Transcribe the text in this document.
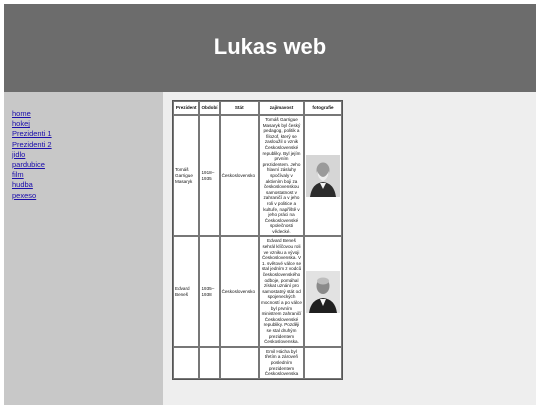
Lukas web
home
hokej
Prezidenti 1
Prezidenti 2
jidlo
pardubice
film
hudba
pexeso
Prezident	Období	Stát	zajímavost	fotografie
Tomáš Garrigue Masaryk	1918–1935	Československo	Tomáš Garrigue Masaryk byl český pedagog, politik a filozof, který se zasloužil o vznik Československé republiky. Byl jejím prvním prezidentem. Jeho hlavní zásluhy spočívaly v aktivním boji za československou samostatnost v zahraničí a v jeho roli v politice a kultuře, napříště v jeho práci na Československé společnosti vědecké.	

Edvard Beneš	1935–1938	Československo	Edvard Beneš sehrál klíčovou roli ve vzniku a vývoji Československa. V 1. světové válce se stal jedním z vodců československého odboje, pomáhal získat uznání pro samostatný stát od spojeneckých mocností a po válce byl prvním ministrem zahraničí Československé republiky. Později se stal druhým prezidentem Československa.	

			Emil Hácha byl třetím a zároveň posledním prezidentem Československa	
